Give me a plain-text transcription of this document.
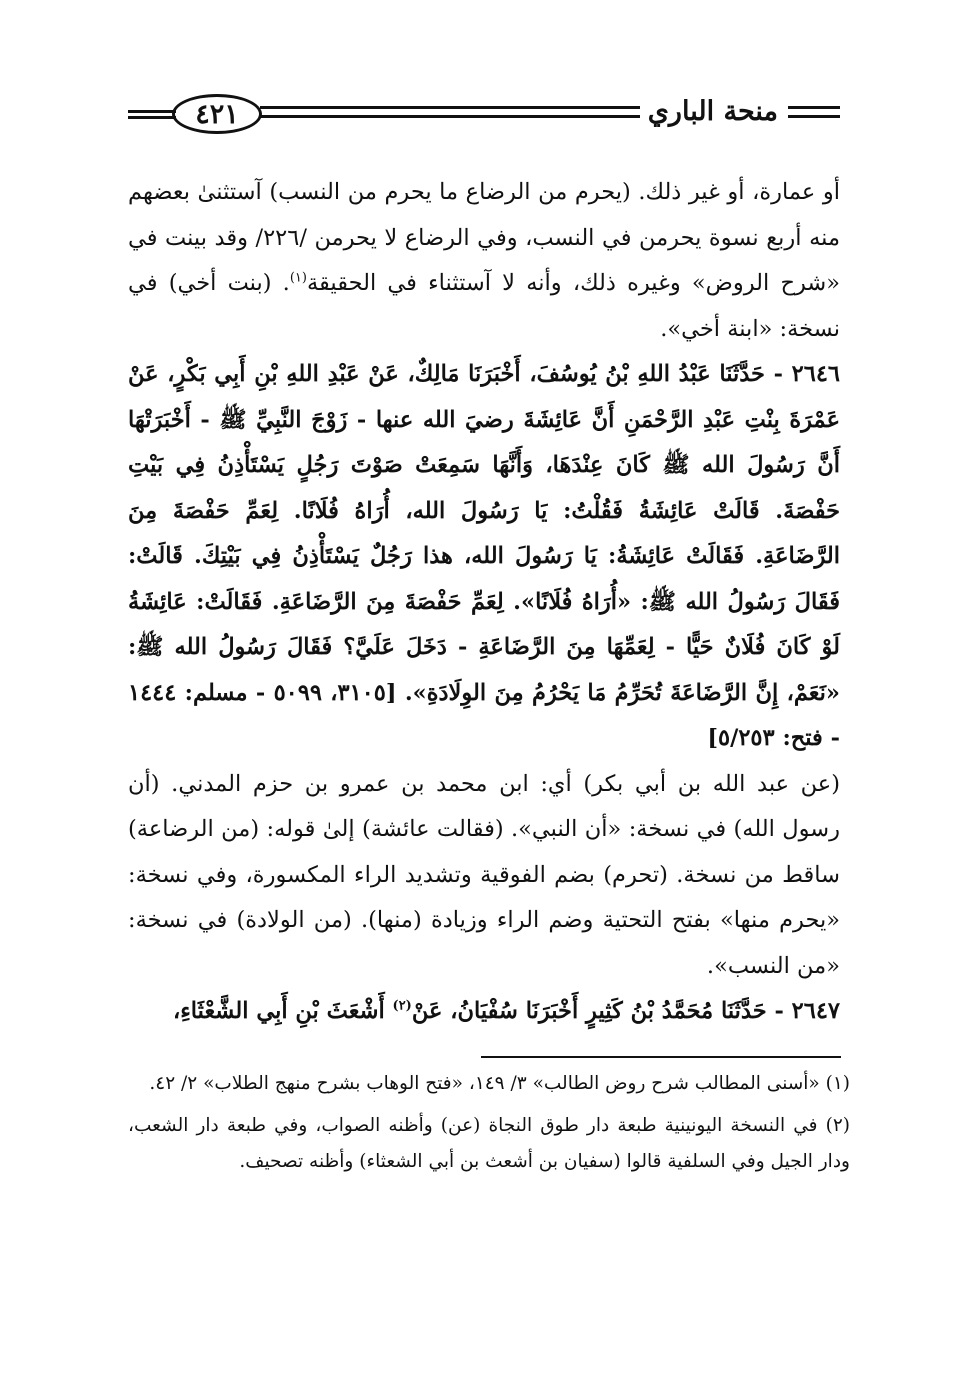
٤٢١	منحة الباري

أو عمارة، أو غير ذلك. (يحرم من الرضاع ما يحرم من النسب) آستثنىٰ بعضهم منه أربع نسوة يحرمن في النسب، وفي الرضاع لا يحرمن /٢٢٦/ وقد بينت في «شرح الروض» وغيره ذلك، وأنه لا آستثناء في الحقيقة$^{(١)}$. (بنت أخي) في نسخة: «ابنة أخي».

٢٦٤٦ - حَدَّثَنَا عَبْدُ اللهِ بْنُ يُوسُفَ، أَخْبَرَنَا مَالِكٌ، عَنْ عَبْدِ اللهِ بْنِ أَبِي بَكْرٍ، عَنْ عَمْرَةَ بِنْتِ عَبْدِ الرَّحْمَنِ أَنَّ عَائِشَةَ رضيَ الله عنها - زَوْجَ النَّبِيِّ ﷺ - أَخْبَرَتْهَا أَنَّ رَسُولَ الله ﷺ كَانَ عِنْدَهَا، وَأَنَّهَا سَمِعَتْ صَوْتَ رَجُلٍ يَسْتَأْذِنُ فِي بَيْتِ حَفْصَةَ. قَالَتْ عَائِشَةُ فَقُلْتُ: يَا رَسُولَ الله، أُرَاهُ فُلَانًا. لِعَمِّ حَفْصَةَ مِنَ الرَّضَاعَةِ. فَقَالَتْ عَائِشَةُ: يَا رَسُولَ الله، هذا رَجُلٌ يَسْتَأْذِنُ فِي بَيْتِكَ. قَالَتْ: فَقَالَ رَسُولُ الله ﷺ: «أُرَاهُ فُلَانًا». لِعَمِّ حَفْصَةَ مِنَ الرَّضَاعَةِ. فَقَالَتْ: عَائِشَةُ لَوْ كَانَ فُلَانٌ حَيًّا - لِعَمِّهَا مِنَ الرَّضَاعَةِ - دَخَلَ عَلَيَّ؟ فَقَالَ رَسُولُ الله ﷺ: «نَعَمْ، إِنَّ الرَّضَاعَةَ تُحَرِّمُ مَا يَحْرُمُ مِنَ الوِلَادَةِ». [٣١٠٥، ٥٠٩٩ - مسلم: ١٤٤٤ - فتح: ٥/٢٥٣]

(عن عبد الله بن أبي بكر) أي: ابن محمد بن عمرو بن حزم المدني. (أن رسول الله) في نسخة: «أن النبي». (فقالت عائشة) إلىٰ قوله: (من الرضاعة) ساقط من نسخة. (تحرم) بضم الفوقية وتشديد الراء المكسورة، وفي نسخة: «يحرم منها» بفتح التحتية وضم الراء وزيادة (منها). (من الولادة) في نسخة: «من النسب».

٢٦٤٧ - حَدَّثَنَا مُحَمَّدُ بْنُ كَثِيرٍ أَخْبَرَنَا سُفْيَانُ، عَنْ$^{(٢)}$ أَشْعَثَ بْنِ أَبِي الشَّعْثَاءِ،

(١) «أسنى المطالب شرح روض الطالب» ٣/ ١٤٩، «فتح الوهاب بشرح منهج الطلاب» ٢/ ٤٢.

(٢) في النسخة اليونينية طبعة دار طوق النجاة (عن) وأظنه الصواب، وفي طبعة دار الشعب، ودار الجيل وفي السلفية قالوا (سفيان بن أشعث بن أبي الشعثاء) وأظنه تصحيف.
